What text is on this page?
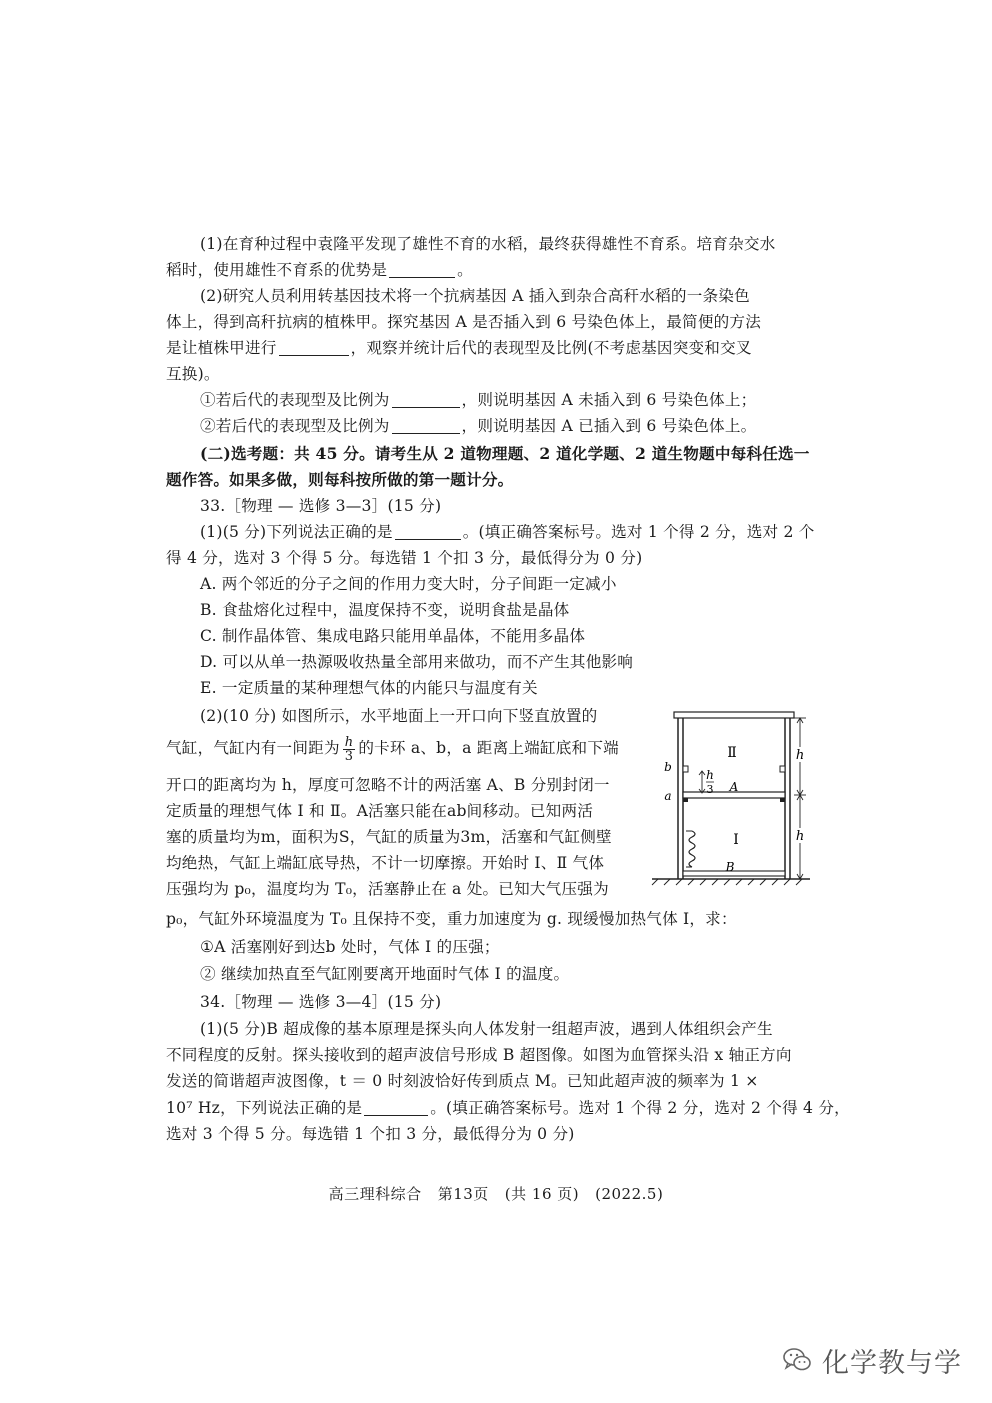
(1)在育种过程中袁隆平发现了雄性不育的水稻，最终获得雄性不育系。培育杂交水
稻时，使用雄性不育系的优势是	。
(2)研究人员利用转基因技术将一个抗病基因 A 插入到杂合高秆水稻的一条染色
体上，得到高秆抗病的植株甲。探究基因 A 是否插入到 6 号染色体上，最简便的方法
是让植株甲进行	，观察并统计后代的表现型及比例(不考虑基因突变和交叉
互换)。
①若后代的表现型及比例为	，则说明基因 A 未插入到 6 号染色体上；
②若后代的表现型及比例为	，则说明基因 A 已插入到 6 号染色体上。
(二)选考题：共 45 分。请考生从 2 道物理题、2 道化学题、2 道生物题中每科任选一
题作答。如果多做，则每科按所做的第一题计分。
33.［物理 — 选修 3—3］(15 分)
(1)(5 分)下列说法正确的是	。(填正确答案标号。选对 1 个得 2 分，选对 2 个
得 4 分，选对 3 个得 5 分。每选错 1 个扣 3 分，最低得分为 0 分)
A. 两个邻近的分子之间的作用力变大时，分子间距一定减小
B. 食盐熔化过程中，温度保持不变，说明食盐是晶体
C. 制作晶体管、集成电路只能用单晶体，不能用多晶体
D. 可以从单一热源吸收热量全部用来做功，而不产生其他影响
E. 一定质量的某种理想气体的内能只与温度有关
(2)(10 分) 如图所示，水平地面上一开口向下竖直放置的
气缸，气缸内有一间距为 $\frac{h}{3}$ 的卡环 a、b，a 距离上端缸底和下端
开口的距离均为 h，厚度可忽略不计的两活塞 A、B 分别封闭一
定质量的理想气体 Ⅰ 和 Ⅱ。A活塞只能在ab间移动。已知两活
塞的质量均为m，面积为S，气缸的质量为3m，活塞和气缸侧壁
均绝热，气缸上端缸底导热，不计一切摩擦。开始时 Ⅰ、Ⅱ 气体
压强均为 p₀，温度均为 T₀，活塞静止在 a 处。已知大气压强为
p₀，气缸外环境温度为 T₀ 且保持不变，重力加速度为 g. 现缓慢加热气体 Ⅰ，求：
①A 活塞刚好到达b 处时，气体 Ⅰ 的压强；
② 继续加热直至气缸刚要离开地面时气体 Ⅰ 的温度。
h
3
h
h
Ⅱ
Ⅰ
A
B
b
a
34.［物理 — 选修 3—4］(15 分)
(1)(5 分)B 超成像的基本原理是探头向人体发射一组超声波，遇到人体组织会产生
不同程度的反射。探头接收到的超声波信号形成 B 超图像。如图为血管探头沿 x 轴正方向
发送的简谐超声波图像，t ＝ 0 时刻波恰好传到质点 M。已知此超声波的频率为 1 ×
10⁷ Hz，下列说法正确的是	。(填正确答案标号。选对 1 个得 2 分，选对 2 个得 4 分，
选对 3 个得 5 分。每选错 1 个扣 3 分，最低得分为 0 分)
高三理科综合 第13页 (共 16 页) (2022.5)
化学教与学
